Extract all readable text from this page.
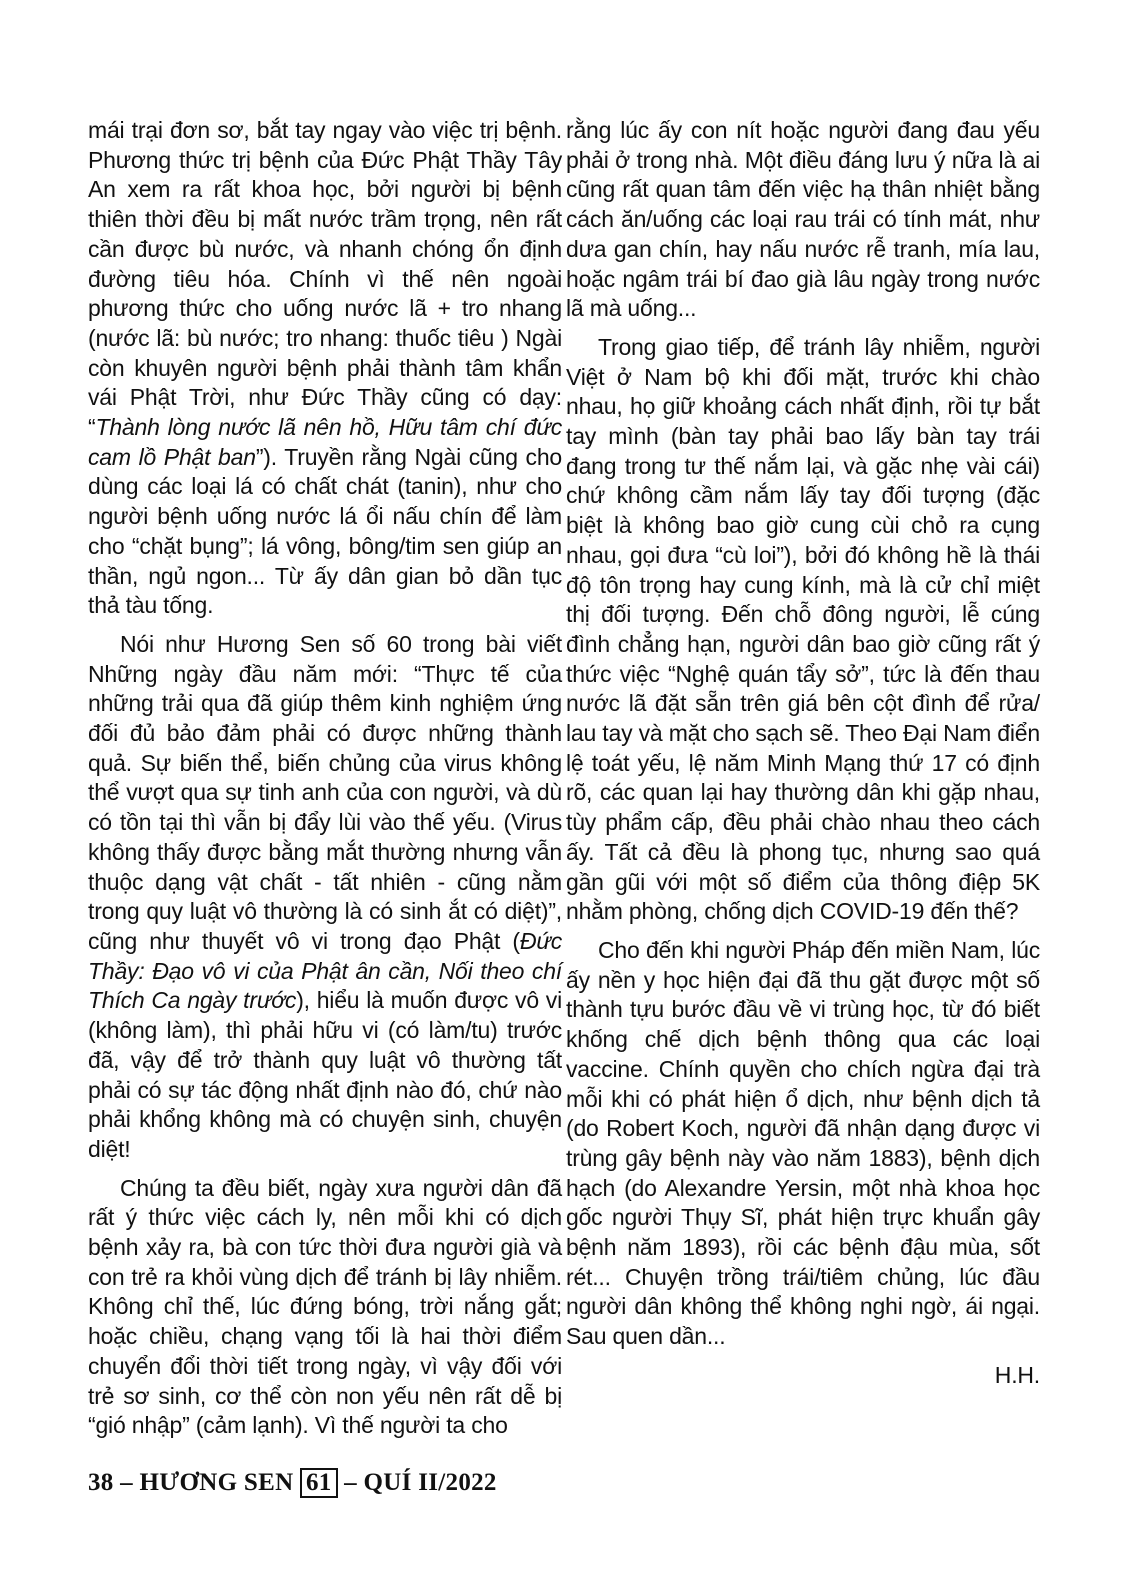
mái trại đơn sơ, bắt tay ngay vào việc trị bệnh. Phương thức trị bệnh của Đức Phật Thầy Tây An xem ra rất khoa học, bởi người bị bệnh thiên thời đều bị mất nước trầm trọng, nên rất cần được bù nước, và nhanh chóng ổn định đường tiêu hóa. Chính vì thế nên ngoài phương thức cho uống nước lã + tro nhang (nước lã: bù nước; tro nhang: thuốc tiêu ) Ngài còn khuyên người bệnh phải thành tâm khẩn vái Phật Trời, như Đức Thầy cũng có dạy: “Thành lòng nước lã nên hồ, Hữu tâm chí đức cam lồ Phật ban”). Truyền rằng Ngài cũng cho dùng các loại lá có chất chát (tanin), như cho người bệnh uống nước lá ổi nấu chín để làm cho “chặt bụng”; lá vông, bông/tim sen giúp an thần, ngủ ngon... Từ ấy dân gian bỏ dần tục thả tàu tống.

Nói như Hương Sen số 60 trong bài viết Những ngày đầu năm mới: “Thực tế của những trải qua đã giúp thêm kinh nghiệm ứng đối đủ bảo đảm phải có được những thành quả. Sự biến thể, biến chủng của virus không thể vượt qua sự tinh anh của con người, và dù có tồn tại thì vẫn bị đẩy lùi vào thế yếu. (Virus không thấy được bằng mắt thường nhưng vẫn thuộc dạng vật chất - tất nhiên - cũng nằm trong quy luật vô thường là có sinh ắt có diệt)”, cũng như thuyết vô vi trong đạo Phật (Đức Thầy: Đạo vô vi của Phật ân cần, Nối theo chí Thích Ca ngày trước), hiểu là muốn được vô vi (không làm), thì phải hữu vi (có làm/tu) trước đã, vậy để trở thành quy luật vô thường tất phải có sự tác động nhất định nào đó, chứ nào phải khổng không mà có chuyện sinh, chuyện diệt!

Chúng ta đều biết, ngày xưa người dân đã rất ý thức việc cách ly, nên mỗi khi có dịch bệnh xảy ra, bà con tức thời đưa người già và con trẻ ra khỏi vùng dịch để tránh bị lây nhiễm. Không chỉ thế, lúc đứng bóng, trời nắng gắt; hoặc chiều, chạng vạng tối là hai thời điểm chuyển đổi thời tiết trong ngày, vì vậy đối với trẻ sơ sinh, cơ thể còn non yếu nên rất dễ bị “gió nhập” (cảm lạnh). Vì thế người ta cho

rằng lúc ấy con nít hoặc người đang đau yếu phải ở trong nhà. Một điều đáng lưu ý nữa là ai cũng rất quan tâm đến việc hạ thân nhiệt bằng cách ăn/uống các loại rau trái có tính mát, như dưa gan chín, hay nấu nước rễ tranh, mía lau, hoặc ngâm trái bí đao già lâu ngày trong nước lã mà uống...

Trong giao tiếp, để tránh lây nhiễm, người Việt ở Nam bộ khi đối mặt, trước khi chào nhau, họ giữ khoảng cách nhất định, rồi tự bắt tay mình (bàn tay phải bao lấy bàn tay trái đang trong tư thế nắm lại, và gặc nhẹ vài cái) chứ không cầm nắm lấy tay đối tượng (đặc biệt là không bao giờ cung cùi chỏ ra cụng nhau, gọi đưa “cù loi”), bởi đó không hề là thái độ tôn trọng hay cung kính, mà là cử chỉ miệt thị đối tượng. Đến chỗ đông người, lễ cúng đình chẳng hạn, người dân bao giờ cũng rất ý thức việc “Nghệ quán tẩy sở”, tức là đến thau nước lã đặt sẵn trên giá bên cột đình để rửa/ lau tay và mặt cho sạch sẽ. Theo Đại Nam điển lệ toát yếu, lệ năm Minh Mạng thứ 17 có định rõ, các quan lại hay thường dân khi gặp nhau, tùy phẩm cấp, đều phải chào nhau theo cách ấy. Tất cả đều là phong tục, nhưng sao quá gần gũi với một số điểm của thông điệp 5K nhằm phòng, chống dịch COVID-19 đến thế?

Cho đến khi người Pháp đến miền Nam, lúc ấy nền y học hiện đại đã thu gặt được một số thành tựu bước đầu về vi trùng học, từ đó biết khống chế dịch bệnh thông qua các loại vaccine. Chính quyền cho chích ngừa đại trà mỗi khi có phát hiện ổ dịch, như bệnh dịch tả (do Robert Koch, người đã nhận dạng được vi trùng gây bệnh này vào năm 1883), bệnh dịch hạch (do Alexandre Yersin, một nhà khoa học gốc người Thụy Sĩ, phát hiện trực khuẩn gây bệnh năm 1893), rồi các bệnh đậu mùa, sốt rét... Chuyện trồng trái/tiêm chủng, lúc đầu người dân không thể không nghi ngờ, ái ngại. Sau quen dần...

H.H.
38 – HƯƠNG SEN 61 – QUÍ II/2022
